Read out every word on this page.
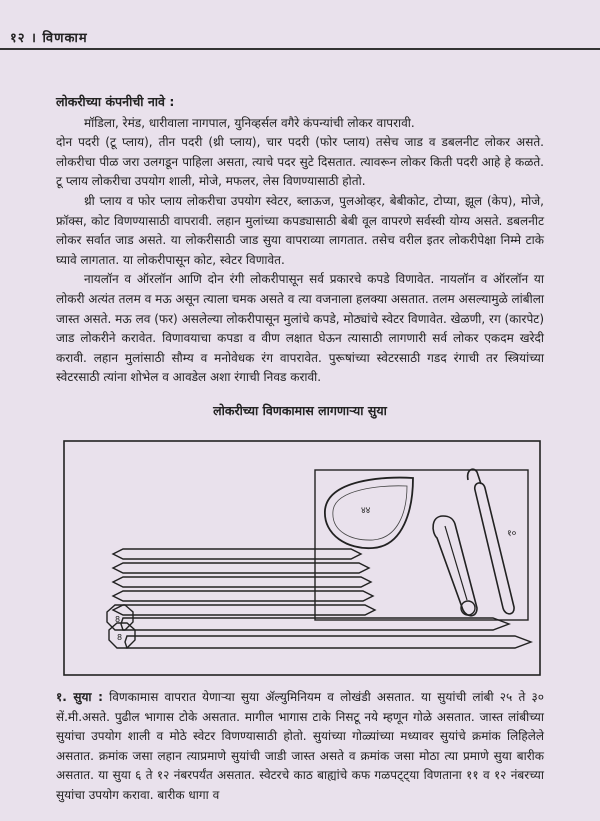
१२ । विणकाम

लोकरीच्या कंपनीची नावे :

मॉडिला, रेमंड, धारीवाला नागपाल, युनिव्हर्सल वगैरे कंपन्यांची लोकर वापरावी.

दोन पदरी (टू प्लाय), तीन पदरी (थ्री प्लाय), चार पदरी (फोर प्लाय) तसेच जाड व डबलनीट लोकर असते. लोकरीचा पीळ जरा उलगडून पाहिला असता, त्याचे पदर सुटे दिसतात. त्यावरून लोकर किती पदरी आहे हे कळते. टू प्लाय लोकरीचा उपयोग शाली, मोजे, मफलर, लेस विणण्यासाठी होतो.

थ्री प्लाय व फोर प्लाय लोकरीचा उपयोग स्वेटर, ब्लाऊज, पुलओव्हर, बेबीकोट, टोप्या, झूल (केप), मोजे, फ्रॉक्स, कोट विणण्यासाठी वापरावी. लहान मुलांच्या कपड्यासाठी बेबी वूल वापरणे सर्वस्वी योग्य असते. डबलनीट लोकर सर्वात जाड असते. या लोकरीसाठी जाड सुया वापराव्या लागतात. तसेच वरील इतर लोकरीपेक्षा निम्मे टाके घ्यावे लागतात. या लोकरीपासून कोट, स्वेटर विणावेत.

नायलॉन व ऑरलॉन आणि दोन रंगी लोकरीपासून सर्व प्रकारचे कपडे विणावेत. नायलॉन व ऑरलॉन या लोकरी अत्यंत तलम व मऊ असून त्याला चमक असते व त्या वजनाला हलक्या असतात. तलम असल्यामुळे लांबीला जास्त असते. मऊ लव (फर) असलेल्या लोकरीपासून मुलांचे कपडे, मोठ्यांचे स्वेटर विणावेत. खेळणी, रग (कारपेट) जाड लोकरीने करावेत. विणावयाचा कपडा व वीण लक्षात घेऊन त्यासाठी लागणारी सर्व लोकर एकदम खरेदी करावी. लहान मुलांसाठी सौम्य व मनोवेधक रंग वापरावेत. पुरूषांच्या स्वेटरसाठी गडद रंगाची तर स्त्रियांच्या स्वेटरसाठी त्यांना शोभेल व आवडेल अशा रंगाची निवड करावी.

लोकरीच्या विणकामास लागणाऱ्या सुया
४४
१०
8
8
१. सुया : विणकामास वापरात येणाऱ्या सुया ॲल्युमिनियम व लोखंडी असतात. या सुयांची लांबी २५ ते ३० सें.मी.असते. पुढील भागास टोके असतात. मागील भागास टाके निसटू नये म्हणून गोळे असतात. जास्त लांबीच्या सुयांचा उपयोग शाली व मोठे स्वेटर विणण्यासाठी होतो. सुयांच्या गोळ्यांच्या मध्यावर सुयांचे क्रमांक लिहिलेले असतात. क्रमांक जसा लहान त्याप्रमाणे सुयांची जाडी जास्त असते व क्रमांक जसा मोठा त्या प्रमाणे सुया बारीक असतात. या सुया ६ ते १२ नंबरपर्यंत असतात. स्वेटरचे काठ बाह्यांचे कफ गळपट्ट्या विणताना ११ व १२ नंबरच्या सुयांचा उपयोग करावा. बारीक धागा व
